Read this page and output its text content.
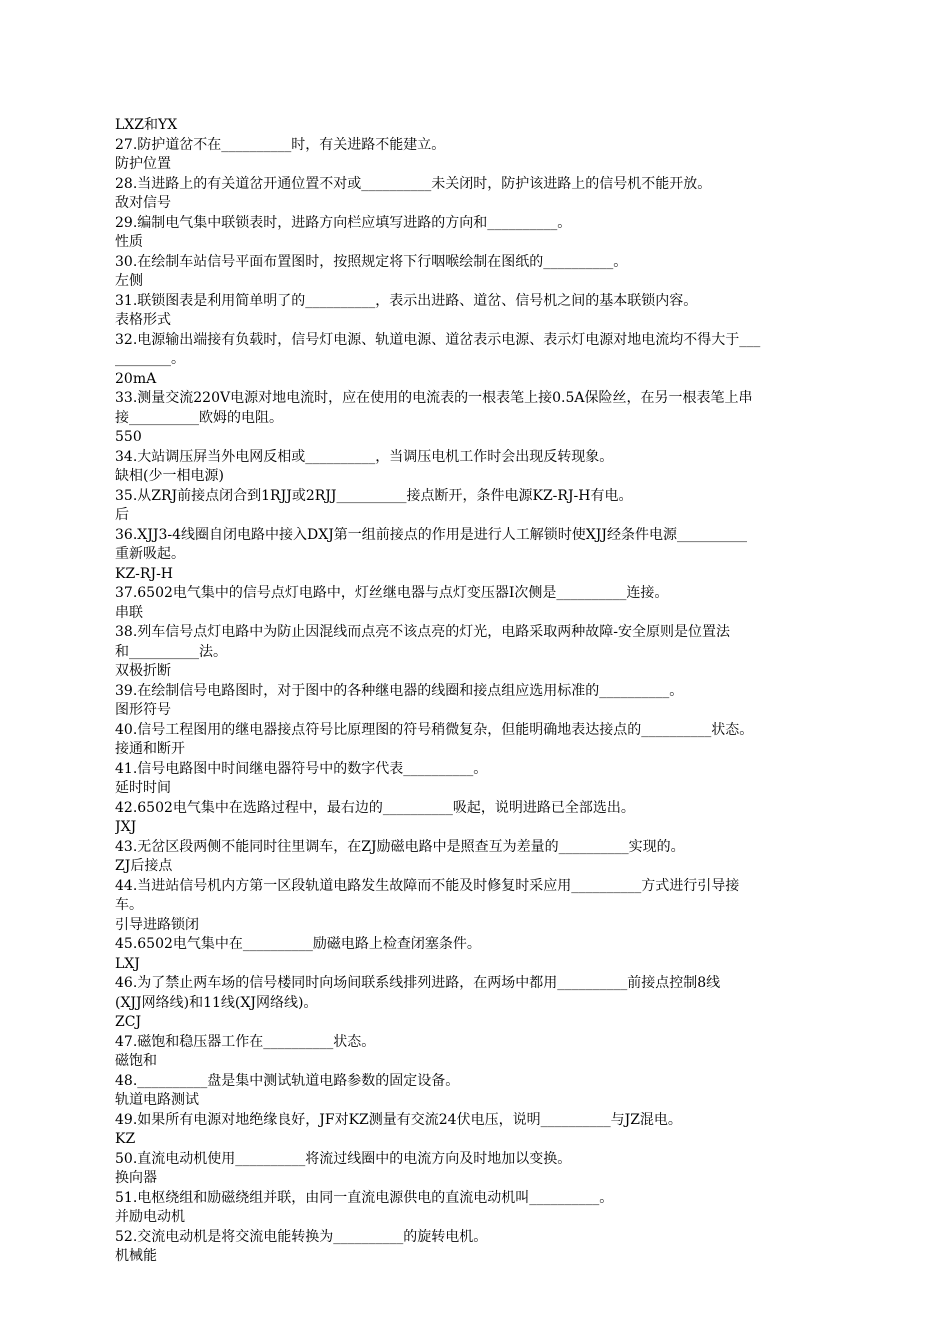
LXZ和YX
27.防护道岔不在__________时，有关进路不能建立。
防护位置
28.当进路上的有关道岔开通位置不对或__________未关闭时，防护该进路上的信号机不能开放。
敌对信号
29.编制电气集中联锁表时，进路方向栏应填写进路的方向和__________。
性质
30.在绘制车站信号平面布置图时，按照规定将下行咽喉绘制在图纸的__________。
左侧
31.联锁图表是利用简单明了的__________，表示出进路、道岔、信号机之间的基本联锁内容。
表格形式
32.电源输出端接有负载时，信号灯电源、轨道电源、道岔表示电源、表示灯电源对地电流均不得大于___
________。
20mA
33.测量交流220V电源对地电流时，应在使用的电流表的一根表笔上接0.5A保险丝，在另一根表笔上串
接__________欧姆的电阻。
550
34.大站调压屏当外电网反相或__________，当调压电机工作时会出现反转现象。
缺相(少一相电源)
35.从ZRJ前接点闭合到1RJJ或2RJJ__________接点断开，条件电源KZ-RJ-H有电。
后
36.XJJ3-4线圈自闭电路中接入DXJ第一组前接点的作用是进行人工解锁时使XJJ经条件电源__________
重新吸起。
KZ-RJ-H
37.6502电气集中的信号点灯电路中，灯丝继电器与点灯变压器Ⅰ次侧是__________连接。
串联
38.列车信号点灯电路中为防止因混线而点亮不该点亮的灯光，电路采取两种故障-安全原则是位置法
和__________法。
双极折断
39.在绘制信号电路图时，对于图中的各种继电器的线圈和接点组应选用标准的__________。
图形符号
40.信号工程图用的继电器接点符号比原理图的符号稍微复杂，但能明确地表达接点的__________状态。
接通和断开
41.信号电路图中时间继电器符号中的数字代表__________。
延时时间
42.6502电气集中在选路过程中，最右边的__________吸起，说明进路已全部选出。
JXJ
43.无岔区段两侧不能同时往里调车，在ZJ励磁电路中是照查互为差量的__________实现的。
ZJ后接点
44.当进站信号机内方第一区段轨道电路发生故障而不能及时修复时采应用__________方式进行引导接
车。
引导进路锁闭
45.6502电气集中在__________励磁电路上检查闭塞条件。
LXJ
46.为了禁止两车场的信号楼同时向场间联系线排列进路，在两场中都用__________前接点控制8线
(XJJ网络线)和11线(XJ网络线)。
ZCJ
47.磁饱和稳压器工作在__________状态。
磁饱和
48.__________盘是集中测试轨道电路参数的固定设备。
轨道电路测试
49.如果所有电源对地绝缘良好，JF对KZ测量有交流24伏电压，说明__________与JZ混电。
KZ
50.直流电动机使用__________将流过线圈中的电流方向及时地加以变换。
换向器
51.电枢绕组和励磁绕组并联，由同一直流电源供电的直流电动机叫__________。
并励电动机
52.交流电动机是将交流电能转换为__________的旋转电机。
机械能
